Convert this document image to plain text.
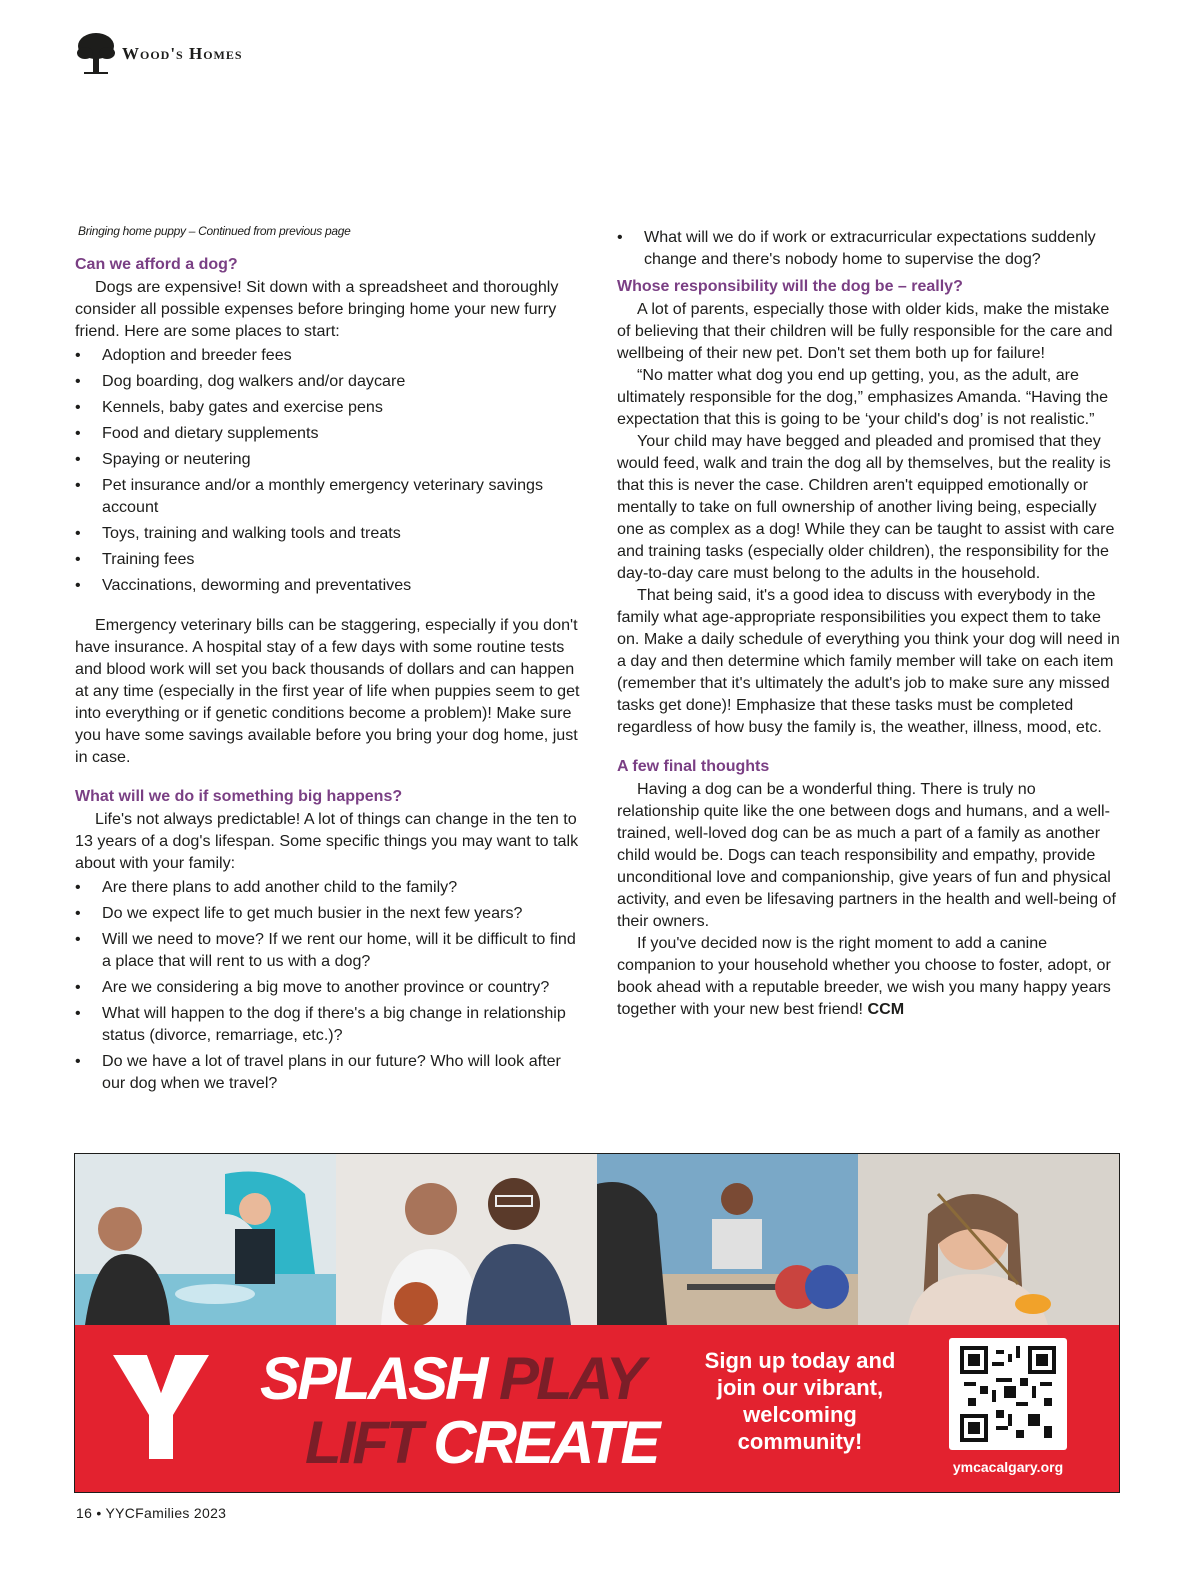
Wood's Homes

Bringing home puppy – Continued from previous page

Can we afford a dog?

Dogs are expensive! Sit down with a spreadsheet and thoroughly consider all possible expenses before bringing home your new furry friend. Here are some places to start:

• Adoption and breeder fees
• Dog boarding, dog walkers and/or daycare
• Kennels, baby gates and exercise pens
• Food and dietary supplements
• Spaying or neutering
• Pet insurance and/or a monthly emergency veterinary savings account
• Toys, training and walking tools and treats
• Training fees
• Vaccinations, deworming and preventatives

Emergency veterinary bills can be staggering, especially if you don't have insurance. A hospital stay of a few days with some routine tests and blood work will set you back thousands of dollars and can happen at any time (especially in the first year of life when puppies seem to get into everything or if genetic conditions become a problem)! Make sure you have some savings available before you bring your dog home, just in case.

What will we do if something big happens?

Life's not always predictable! A lot of things can change in the ten to 13 years of a dog's lifespan. Some specific things you may want to talk about with your family:

• Are there plans to add another child to the family?
• Do we expect life to get much busier in the next few years?
• Will we need to move? If we rent our home, will it be difficult to find a place that will rent to us with a dog?
• Are we considering a big move to another province or country?
• What will happen to the dog if there's a big change in relationship status (divorce, remarriage, etc.)?
• Do we have a lot of travel plans in our future? Who will look after our dog when we travel?
• What will we do if work or extracurricular expectations suddenly change and there's nobody home to supervise the dog?

Whose responsibility will the dog be – really?

A lot of parents, especially those with older kids, make the mistake of believing that their children will be fully responsible for the care and wellbeing of their new pet. Don't set them both up for failure!

“No matter what dog you end up getting, you, as the adult, are ultimately responsible for the dog,” emphasizes Amanda. “Having the expectation that this is going to be ‘your child's dog’ is not realistic.”

Your child may have begged and pleaded and promised that they would feed, walk and train the dog all by themselves, but the reality is that this is never the case. Children aren't equipped emotionally or mentally to take on full ownership of another living being, especially one as complex as a dog! While they can be taught to assist with care and training tasks (especially older children), the responsibility for the day-to-day care must belong to the adults in the household.

That being said, it's a good idea to discuss with everybody in the family what age-appropriate responsibilities you expect them to take on. Make a daily schedule of everything you think your dog will need in a day and then determine which family member will take on each item (remember that it's ultimately the adult's job to make sure any missed tasks get done)! Emphasize that these tasks must be completed regardless of how busy the family is, the weather, illness, mood, etc.

A few final thoughts

Having a dog can be a wonderful thing. There is truly no relationship quite like the one between dogs and humans, and a well-trained, well-loved dog can be as much a part of a family as another child would be. Dogs can teach responsibility and empathy, provide unconditional love and companionship, give years of fun and physical activity, and even be lifesaving partners in the health and well-being of their owners.

If you've decided now is the right moment to add a canine companion to your household whether you choose to foster, adopt, or book ahead with a reputable breeder, we wish you many happy years together with your new best friend! CCM

SPLASH PLAY
LIFT CREATE
Sign up today and join our vibrant, welcoming community!
ymcacalgary.org
16 • YYCFamilies 2023
